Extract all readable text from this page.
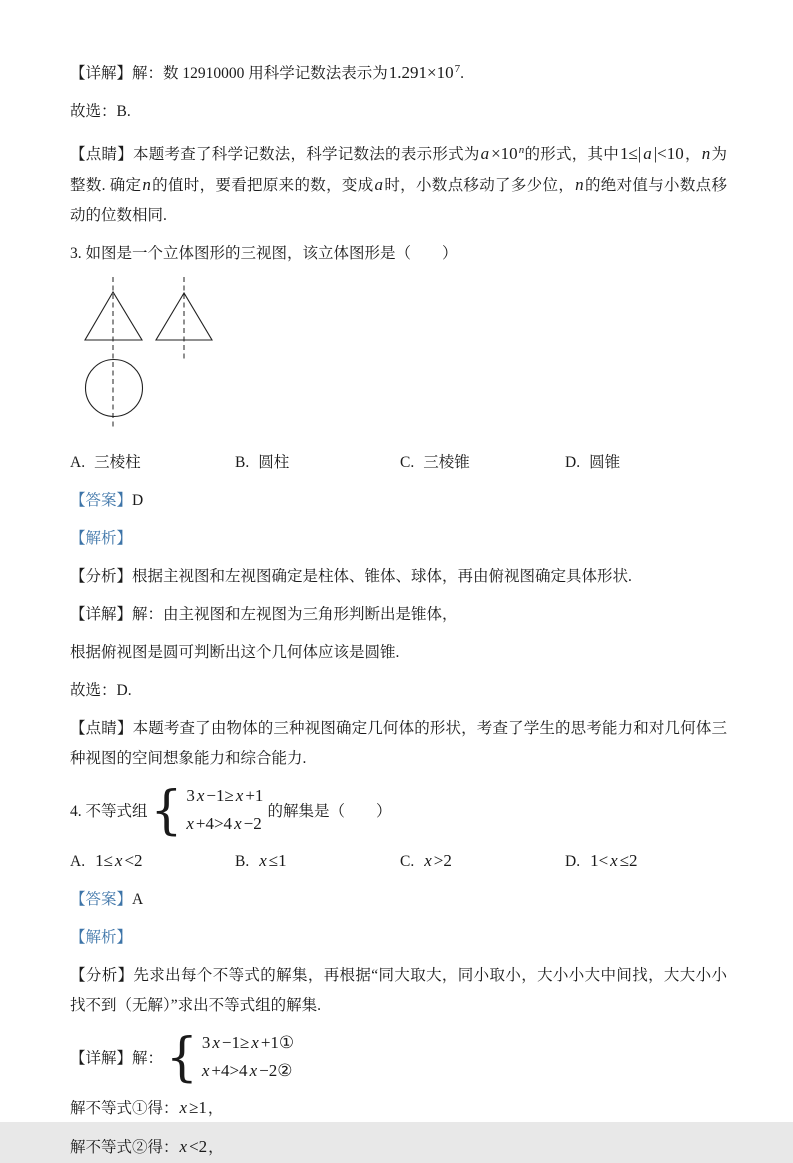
【详解】解：数 12910000 用科学记数法表示为$1.291\times 10^7$.

故选：B.

【点睛】本题考查了科学记数法，科学记数法的表示形式为$a \times 10^n$的形式，其中1≤| a |<10，n为整数. 确定n的值时，要看把原来的数，变成a时，小数点移动了多少位，n的绝对值与小数点移动的位数相同.

3. 如图是一个立体图形的三视图，该立体图形是（　　）

A. 三棱柱	B. 圆柱	C. 三棱锥	D. 圆锥

【答案】D

【解析】

【分析】根据主视图和左视图确定是柱体、锥体、球体，再由俯视图确定具体形状.

【详解】解：由主视图和左视图为三角形判断出是锥体，

根据俯视图是圆可判断出这个几何体应该是圆锥.

故选：D.

【点睛】本题考查了由物体的三种视图确定几何体的形状，考查了学生的思考能力和对几何体三种视图的空间想象能力和综合能力.

4. 不等式组 { 3 x −1≥ x +1
x +4>4 x −2
的解集是（　　）
A. 1≤ x <2	B. x ≤1	C. x >2	D. 1< x ≤2

【答案】A

【解析】

【分析】先求出每个不等式的解集，再根据“同大取大，同小取小，大小小大中间找，大大小小找不到（无解）”求出不等式组的解集.

【详解】解： { 3 x −1≥ x +1①
x +4>4 x −2②

解不等式①得：x ≥1，

解不等式②得：x <2，
